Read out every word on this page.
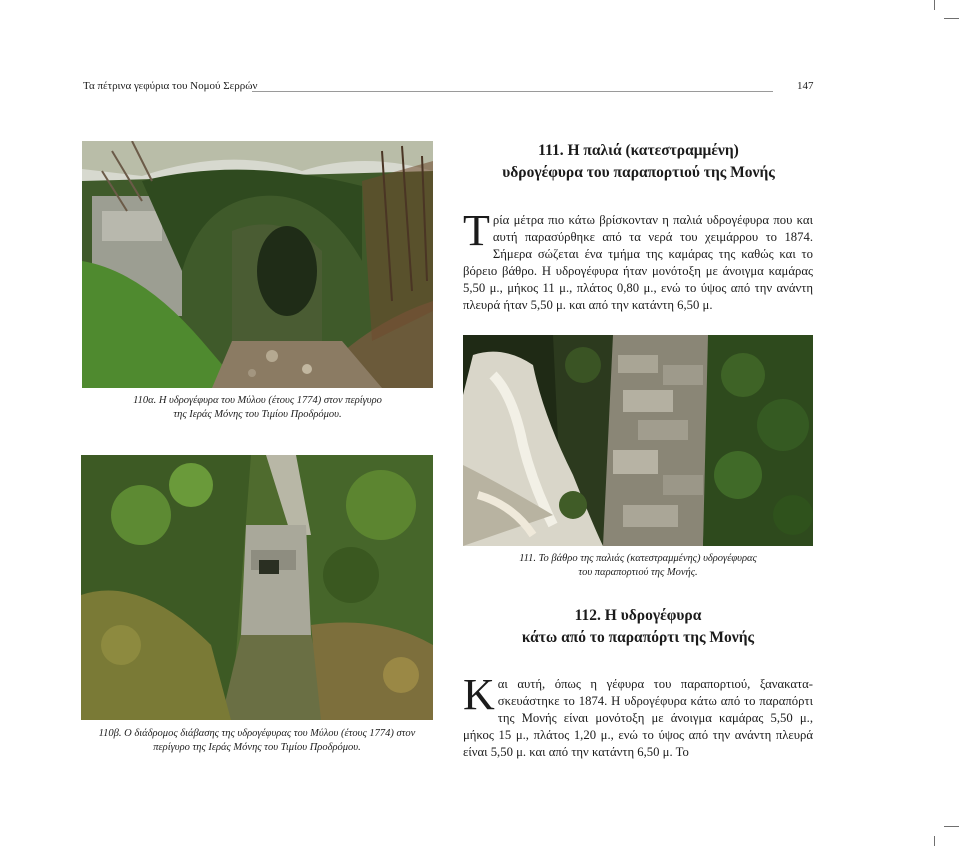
Τα πέτρινα γεφύρια του Νομού Σερρών	147
110α. Η υδρογέφυρα του Μύλου (έτους 1774) στον περίγυρο
της Ιεράς Μόνης του Τιμίου Προδρόμου.
110β. Ο διάδρομος διάβασης της υδρογέφυρας του Μύλου (έτους 1774) στον
περίγυρο της Ιεράς Μόνης του Τιμίου Προδρόμου.
111. Η παλιά (κατεστραμμένη)
υδρογέφυρα του παραπορτιού της Μονής
Τρία μέτρα πιο κάτω βρίσκονταν η παλιά υδρογέφυρα που και αυτή παρασύρθηκε από τα νερά του χειμάρρου το 1874. Σήμερα σώζεται ένα τμήμα της καμάρας της καθώς και το βόρειο βάθρο. Η υδρογέφυρα ήταν μονότοξη με άνοιγμα καμάρας 5,50 μ., μήκος 11 μ., πλάτος 0,80 μ., ενώ το ύψος από την ανάντη πλευρά ήταν 5,50 μ. και από την κατάντη 6,50 μ.
111. Το βάθρο της παλιάς (κατεστραμμένης) υδρογέφυρας
του παραπορτιού της Μονής.
112. Η υδρογέφυρα
κάτω από το παραπόρτι της Μονής
Και αυτή, όπως η γέφυρα του παραπορτιού, ξανακατα-σκευάστηκε το 1874. Η υδρογέφυρα κάτω από το παραπόρτι της Μονής είναι μονότοξη με άνοιγμα καμάρας 5,50 μ., μήκος 15 μ., πλάτος 1,20 μ., ενώ το ύψος από την ανάντη πλευρά είναι 5,50 μ. και από την κατάντη 6,50 μ. Το
